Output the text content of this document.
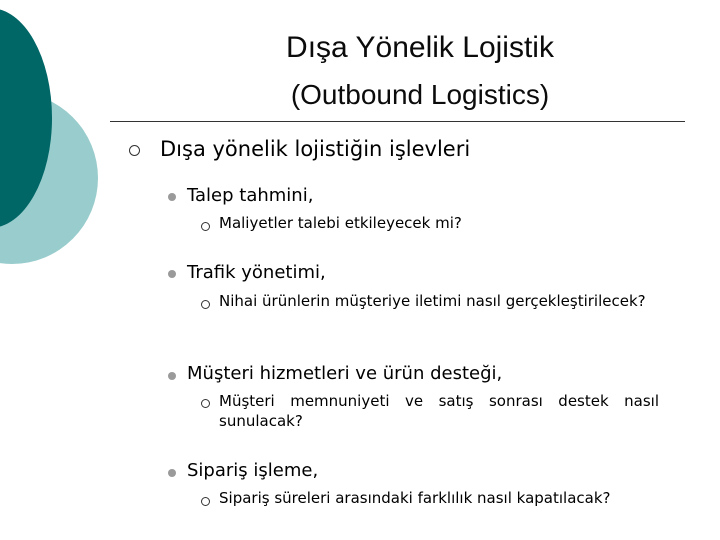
Dışa Yönelik Lojistik
(Outbound Logistics)
Dışa yönelik lojistiğin işlevleri
Talep tahmini,
Maliyetler talebi etkileyecek mi?
Trafik yönetimi,
Nihai ürünlerin müşteriye iletimi nasıl gerçekleştirilecek?
Müşteri hizmetleri ve ürün desteği,
Müşteri memnuniyeti ve satış sonrası destek nasıl sunulacak?
Sipariş işleme,
Sipariş süreleri arasındaki farklılık nasıl kapatılacak?
